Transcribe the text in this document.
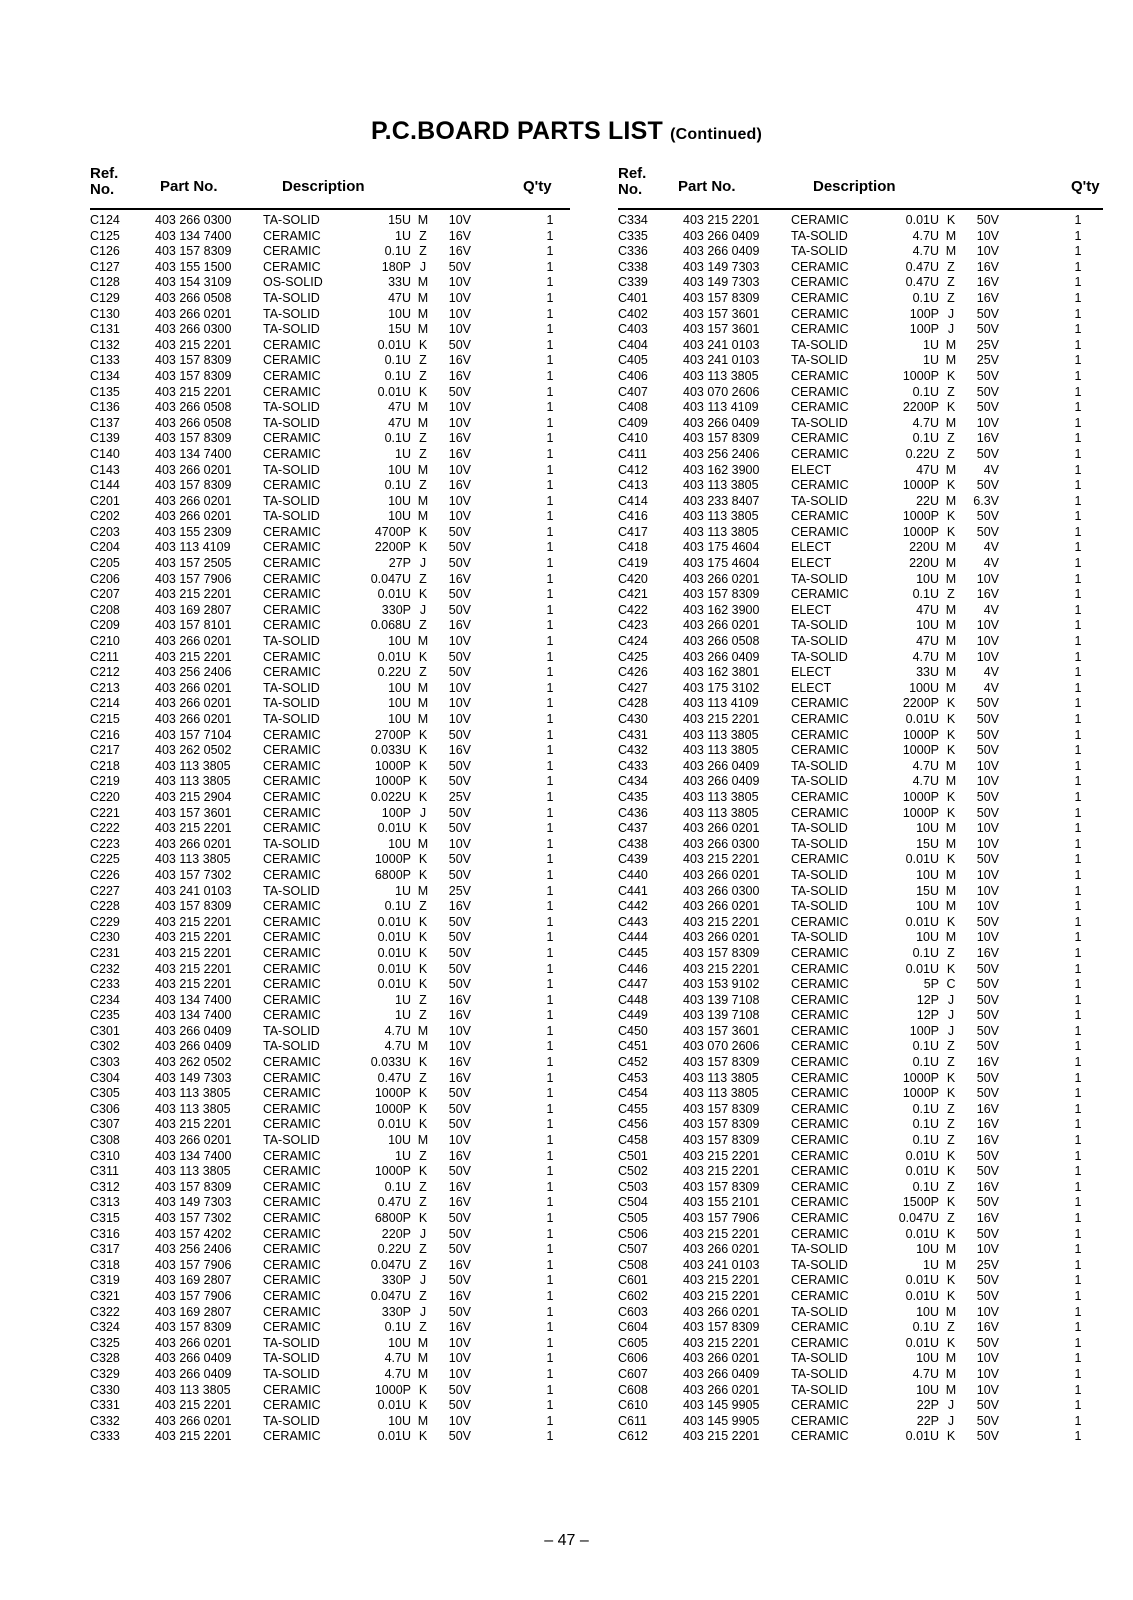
P.C.BOARD PARTS LIST (Continued)
Ref.
No.	Part No.	Description	Q'ty
C124	403 266 0300	TA-SOLID	15U M	10V	1
C125	403 134 7400	CERAMIC	1U Z	16V	1
C126	403 157 8309	CERAMIC	0.1U Z	16V	1
C127	403 155 1500	CERAMIC	180P J	50V	1
C128	403 154 3109	OS-SOLID	33U M	10V	1
C129	403 266 0508	TA-SOLID	47U M	10V	1
C130	403 266 0201	TA-SOLID	10U M	10V	1
C131	403 266 0300	TA-SOLID	15U M	10V	1
C132	403 215 2201	CERAMIC	0.01U K	50V	1
C133	403 157 8309	CERAMIC	0.1U Z	16V	1
C134	403 157 8309	CERAMIC	0.1U Z	16V	1
C135	403 215 2201	CERAMIC	0.01U K	50V	1
C136	403 266 0508	TA-SOLID	47U M	10V	1
C137	403 266 0508	TA-SOLID	47U M	10V	1
C139	403 157 8309	CERAMIC	0.1U Z	16V	1
C140	403 134 7400	CERAMIC	1U Z	16V	1
C143	403 266 0201	TA-SOLID	10U M	10V	1
C144	403 157 8309	CERAMIC	0.1U Z	16V	1
C201	403 266 0201	TA-SOLID	10U M	10V	1
C202	403 266 0201	TA-SOLID	10U M	10V	1
C203	403 155 2309	CERAMIC	4700P K	50V	1
C204	403 113 4109	CERAMIC	2200P K	50V	1
C205	403 157 2505	CERAMIC	27P J	50V	1
C206	403 157 7906	CERAMIC	0.047U Z	16V	1
C207	403 215 2201	CERAMIC	0.01U K	50V	1
C208	403 169 2807	CERAMIC	330P J	50V	1
C209	403 157 8101	CERAMIC	0.068U Z	16V	1
C210	403 266 0201	TA-SOLID	10U M	10V	1
C211	403 215 2201	CERAMIC	0.01U K	50V	1
C212	403 256 2406	CERAMIC	0.22U Z	50V	1
C213	403 266 0201	TA-SOLID	10U M	10V	1
C214	403 266 0201	TA-SOLID	10U M	10V	1
C215	403 266 0201	TA-SOLID	10U M	10V	1
C216	403 157 7104	CERAMIC	2700P K	50V	1
C217	403 262 0502	CERAMIC	0.033U K	16V	1
C218	403 113 3805	CERAMIC	1000P K	50V	1
C219	403 113 3805	CERAMIC	1000P K	50V	1
C220	403 215 2904	CERAMIC	0.022U K	25V	1
C221	403 157 3601	CERAMIC	100P J	50V	1
C222	403 215 2201	CERAMIC	0.01U K	50V	1
C223	403 266 0201	TA-SOLID	10U M	10V	1
C225	403 113 3805	CERAMIC	1000P K	50V	1
C226	403 157 7302	CERAMIC	6800P K	50V	1
C227	403 241 0103	TA-SOLID	1U M	25V	1
C228	403 157 8309	CERAMIC	0.1U Z	16V	1
C229	403 215 2201	CERAMIC	0.01U K	50V	1
C230	403 215 2201	CERAMIC	0.01U K	50V	1
C231	403 215 2201	CERAMIC	0.01U K	50V	1
C232	403 215 2201	CERAMIC	0.01U K	50V	1
C233	403 215 2201	CERAMIC	0.01U K	50V	1
C234	403 134 7400	CERAMIC	1U Z	16V	1
C235	403 134 7400	CERAMIC	1U Z	16V	1
C301	403 266 0409	TA-SOLID	4.7U M	10V	1
C302	403 266 0409	TA-SOLID	4.7U M	10V	1
C303	403 262 0502	CERAMIC	0.033U K	16V	1
C304	403 149 7303	CERAMIC	0.47U Z	16V	1
C305	403 113 3805	CERAMIC	1000P K	50V	1
C306	403 113 3805	CERAMIC	1000P K	50V	1
C307	403 215 2201	CERAMIC	0.01U K	50V	1
C308	403 266 0201	TA-SOLID	10U M	10V	1
C310	403 134 7400	CERAMIC	1U Z	16V	1
C311	403 113 3805	CERAMIC	1000P K	50V	1
C312	403 157 8309	CERAMIC	0.1U Z	16V	1
C313	403 149 7303	CERAMIC	0.47U Z	16V	1
C315	403 157 7302	CERAMIC	6800P K	50V	1
C316	403 157 4202	CERAMIC	220P J	50V	1
C317	403 256 2406	CERAMIC	0.22U Z	50V	1
C318	403 157 7906	CERAMIC	0.047U Z	16V	1
C319	403 169 2807	CERAMIC	330P J	50V	1
C321	403 157 7906	CERAMIC	0.047U Z	16V	1
C322	403 169 2807	CERAMIC	330P J	50V	1
C324	403 157 8309	CERAMIC	0.1U Z	16V	1
C325	403 266 0201	TA-SOLID	10U M	10V	1
C328	403 266 0409	TA-SOLID	4.7U M	10V	1
C329	403 266 0409	TA-SOLID	4.7U M	10V	1
C330	403 113 3805	CERAMIC	1000P K	50V	1
C331	403 215 2201	CERAMIC	0.01U K	50V	1
C332	403 266 0201	TA-SOLID	10U M	10V	1
C333	403 215 2201	CERAMIC	0.01U K	50V	1
Ref.
No. Part No.	Description	Q'ty
C334	403 215 2201	CERAMIC	0.01U K	50V	1
C335	403 266 0409	TA-SOLID	4.7U M	10V	1
C336	403 266 0409	TA-SOLID	4.7U M	10V	1
C338	403 149 7303	CERAMIC	0.47U Z	16V	1
C339	403 149 7303	CERAMIC	0.47U Z	16V	1
C401	403 157 8309	CERAMIC	0.1U Z	16V	1
C402	403 157 3601	CERAMIC	100P J	50V	1
C403	403 157 3601	CERAMIC	100P J	50V	1
C404	403 241 0103	TA-SOLID	1U M	25V	1
C405	403 241 0103	TA-SOLID	1U M	25V	1
C406	403 113 3805	CERAMIC	1000P K	50V	1
C407	403 070 2606	CERAMIC	0.1U Z	50V	1
C408	403 113 4109	CERAMIC	2200P K	50V	1
C409	403 266 0409	TA-SOLID	4.7U M	10V	1
C410	403 157 8309	CERAMIC	0.1U Z	16V	1
C411	403 256 2406	CERAMIC	0.22U Z	50V	1
C412	403 162 3900	ELECT	47U M	4V	1
C413	403 113 3805	CERAMIC	1000P K	50V	1
C414	403 233 8407	TA-SOLID	22U M	6.3V	1
C416	403 113 3805	CERAMIC	1000P K	50V	1
C417	403 113 3805	CERAMIC	1000P K	50V	1
C418	403 175 4604	ELECT	220U M	4V	1
C419	403 175 4604	ELECT	220U M	4V	1
C420	403 266 0201	TA-SOLID	10U M	10V	1
C421	403 157 8309	CERAMIC	0.1U Z	16V	1
C422	403 162 3900	ELECT	47U M	4V	1
C423	403 266 0201	TA-SOLID	10U M	10V	1
C424	403 266 0508	TA-SOLID	47U M	10V	1
C425	403 266 0409	TA-SOLID	4.7U M	10V	1
C426	403 162 3801	ELECT	33U M	4V	1
C427	403 175 3102	ELECT	100U M	4V	1
C428	403 113 4109	CERAMIC	2200P K	50V	1
C430	403 215 2201	CERAMIC	0.01U K	50V	1
C431	403 113 3805	CERAMIC	1000P K	50V	1
C432	403 113 3805	CERAMIC	1000P K	50V	1
C433	403 266 0409	TA-SOLID	4.7U M	10V	1
C434	403 266 0409	TA-SOLID	4.7U M	10V	1
C435	403 113 3805	CERAMIC	1000P K	50V	1
C436	403 113 3805	CERAMIC	1000P K	50V	1
C437	403 266 0201	TA-SOLID	10U M	10V	1
C438	403 266 0300	TA-SOLID	15U M	10V	1
C439	403 215 2201	CERAMIC	0.01U K	50V	1
C440	403 266 0201	TA-SOLID	10U M	10V	1
C441	403 266 0300	TA-SOLID	15U M	10V	1
C442	403 266 0201	TA-SOLID	10U M	10V	1
C443	403 215 2201	CERAMIC	0.01U K	50V	1
C444	403 266 0201	TA-SOLID	10U M	10V	1
C445	403 157 8309	CERAMIC	0.1U Z	16V	1
C446	403 215 2201	CERAMIC	0.01U K	50V	1
C447	403 153 9102	CERAMIC	5P C	50V	1
C448	403 139 7108	CERAMIC	12P J	50V	1
C449	403 139 7108	CERAMIC	12P J	50V	1
C450	403 157 3601	CERAMIC	100P J	50V	1
C451	403 070 2606	CERAMIC	0.1U Z	50V	1
C452	403 157 8309	CERAMIC	0.1U Z	16V	1
C453	403 113 3805	CERAMIC	1000P K	50V	1
C454	403 113 3805	CERAMIC	1000P K	50V	1
C455	403 157 8309	CERAMIC	0.1U Z	16V	1
C456	403 157 8309	CERAMIC	0.1U Z	16V	1
C458	403 157 8309	CERAMIC	0.1U Z	16V	1
C501	403 215 2201	CERAMIC	0.01U K	50V	1
C502	403 215 2201	CERAMIC	0.01U K	50V	1
C503	403 157 8309	CERAMIC	0.1U Z	16V	1
C504	403 155 2101	CERAMIC	1500P K	50V	1
C505	403 157 7906	CERAMIC	0.047U Z	16V	1
C506	403 215 2201	CERAMIC	0.01U K	50V	1
C507	403 266 0201	TA-SOLID	10U M	10V	1
C508	403 241 0103	TA-SOLID	1U M	25V	1
C601	403 215 2201	CERAMIC	0.01U K	50V	1
C602	403 215 2201	CERAMIC	0.01U K	50V	1
C603	403 266 0201	TA-SOLID	10U M	10V	1
C604	403 157 8309	CERAMIC	0.1U Z	16V	1
C605	403 215 2201	CERAMIC	0.01U K	50V	1
C606	403 266 0201	TA-SOLID	10U M	10V	1
C607	403 266 0409	TA-SOLID	4.7U M	10V	1
C608	403 266 0201	TA-SOLID	10U M	10V	1
C610	403 145 9905	CERAMIC	22P J	50V	1
C611	403 145 9905	CERAMIC	22P J	50V	1
C612	403 215 2201	CERAMIC	0.01U K	50V	1
– 47 –
